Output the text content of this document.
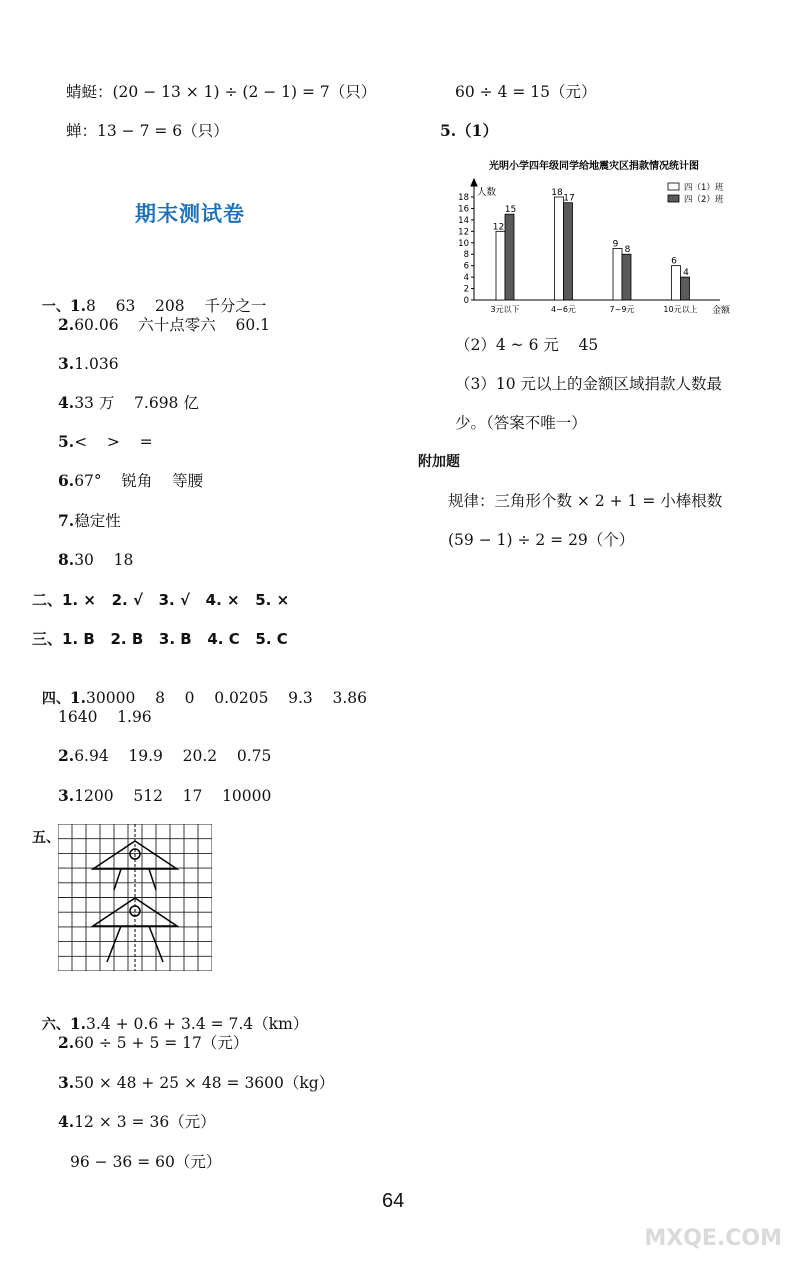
蜻蜓：(20 − 13 × 1) ÷ (2 − 1) = 7（只）
蝉：13 − 7 = 6（只）
期末测试卷

一、1.8    63    208    千分之一

2.60.06    六十点零六    60.1
3.1.036
4.33 万    7.698 亿
5.<    >    =
6.67°    锐角    等腰
7.稳定性
8.30    18
二、1. ×   2. √   3. √   4. ×   5. ×
三、1. B   2. B   3. B   4. C   5. C

四、1.30000    8    0    0.0205    9.3    3.86

1640    1.96
2.6.94    19.9    20.2    0.75
3.1200    512    17    10000
五、

六、1.3.4 + 0.6 + 3.4 = 7.4（km）

2.60 ÷ 5 + 5 = 17（元）
3.50 × 48 + 25 × 48 = 3600（kg）
4.12 × 3 = 36（元）
96 − 36 = 60（元）
60 ÷ 4 = 15（元）
5.（1）
光明小学四年级同学给地震灾区捐款情况统计图
人数
金额
0
2
4
6
8
10
12
14
16
18
12
15
18
17
9
8
6
4
3元以下	4~6元	7~9元	10元以上
四（1）班
四（2）班
（2）4 ~ 6 元    45
（3）10 元以上的金额区域捐款人数最
少。（答案不唯一）
附加题
规律：三角形个数 × 2 + 1 = 小棒根数
(59 − 1) ÷ 2 = 29（个）
64
MXQE.COM
